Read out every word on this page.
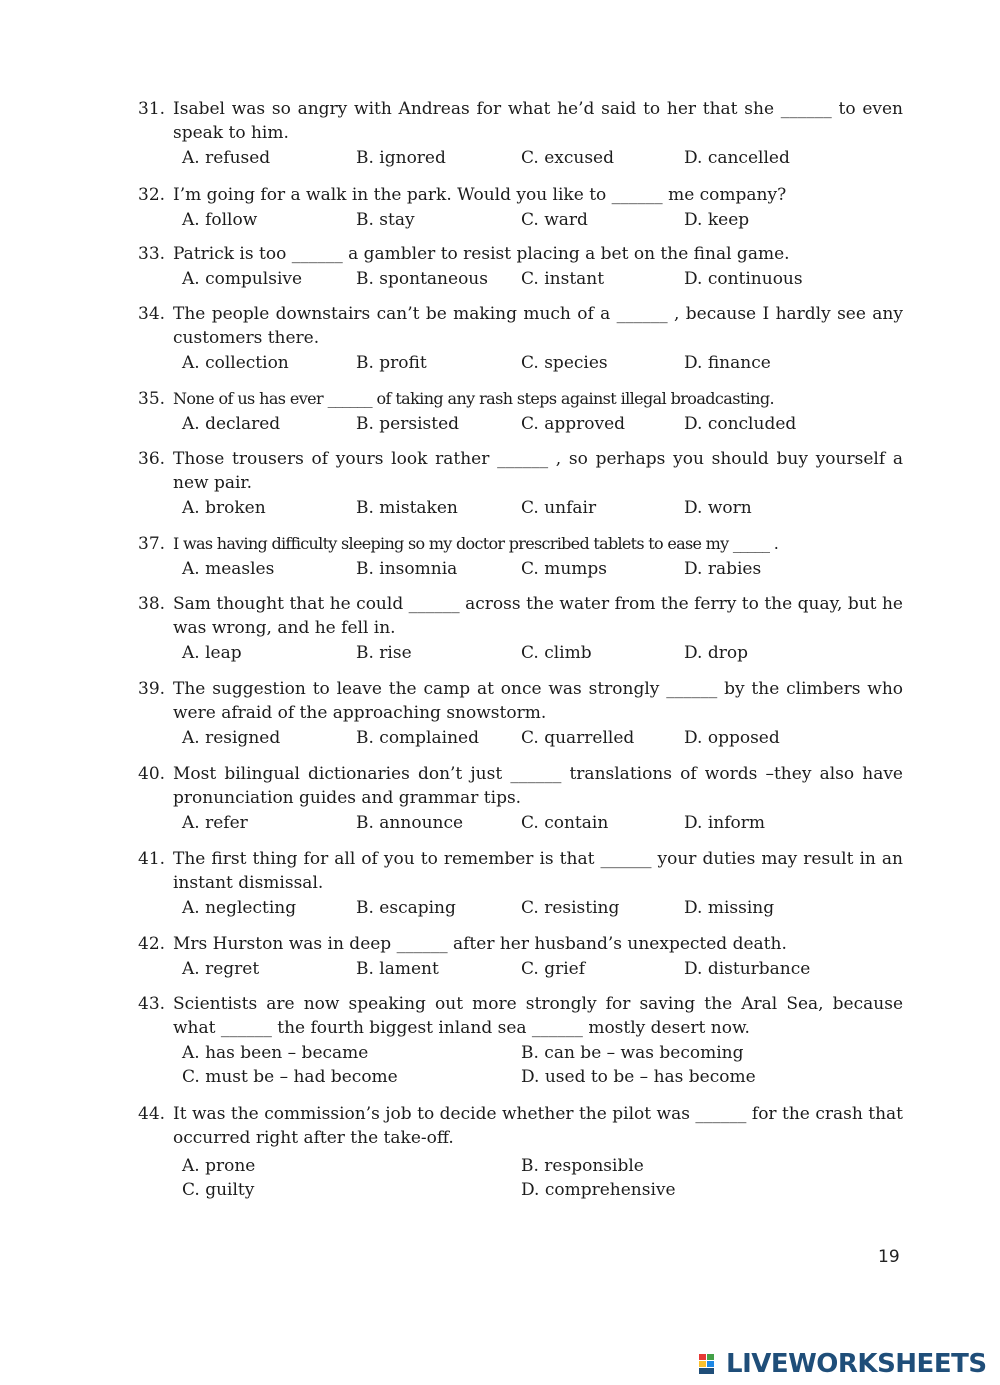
31. Isabel was so angry with Andreas for what he’d said to her that she ______ to even speak to him.
A. refused	B. ignored	C. excused	D. cancelled
32. I’m going for a walk in the park. Would you like to ______ me company?
A. follow	B. stay	C. ward	D. keep
33. Patrick is too ______ a gambler to resist placing a bet on the final game.
A. compulsive	B. spontaneous	C. instant	D. continuous
34. The people downstairs can’t be making much of a ______ , because I hardly see any customers there.
A. collection	B. profit	C. species	D. finance
35. None of us has ever ______ of taking any rash steps against illegal broadcasting.
A. declared	B. persisted	C. approved	D. concluded
36. Those trousers of yours look rather ______ , so perhaps you should buy yourself a new pair.
A. broken	B. mistaken	C. unfair	D. worn
37. I was having difficulty sleeping so my doctor prescribed tablets to ease my _____ .
A. measles	B. insomnia	C. mumps	D. rabies
38. Sam thought that he could ______ across the water from the ferry to the quay, but he was wrong, and he fell in.
A. leap	B. rise	C. climb	D. drop
39. The suggestion to leave the camp at once was strongly ______ by the climbers who were afraid of the approaching snowstorm.
A. resigned	B. complained	C. quarrelled	D. opposed
40. Most bilingual dictionaries don’t just ______ translations of words –they also have pronunciation guides and grammar tips.
A. refer	B. announce	C. contain	D. inform
41. The first thing for all of you to remember is that ______ your duties may result in an instant dismissal.
A. neglecting	B. escaping	C. resisting	D. missing
42. Mrs Hurston was in deep ______ after her husband’s unexpected death.
A. regret	B. lament	C. grief	D. disturbance
43. Scientists are now speaking out more strongly for saving the Aral Sea, because what ______ the fourth biggest inland sea ______ mostly desert now.
A. has been – became	B. can be – was becoming
C. must be – had become	D. used to be – has become
44. It was the commission’s job to decide whether the pilot was ______ for the crash that occurred right after the take-off.
A. prone	B. responsible
C. guilty	D. comprehensive
19
LIVEWORKSHEETS
